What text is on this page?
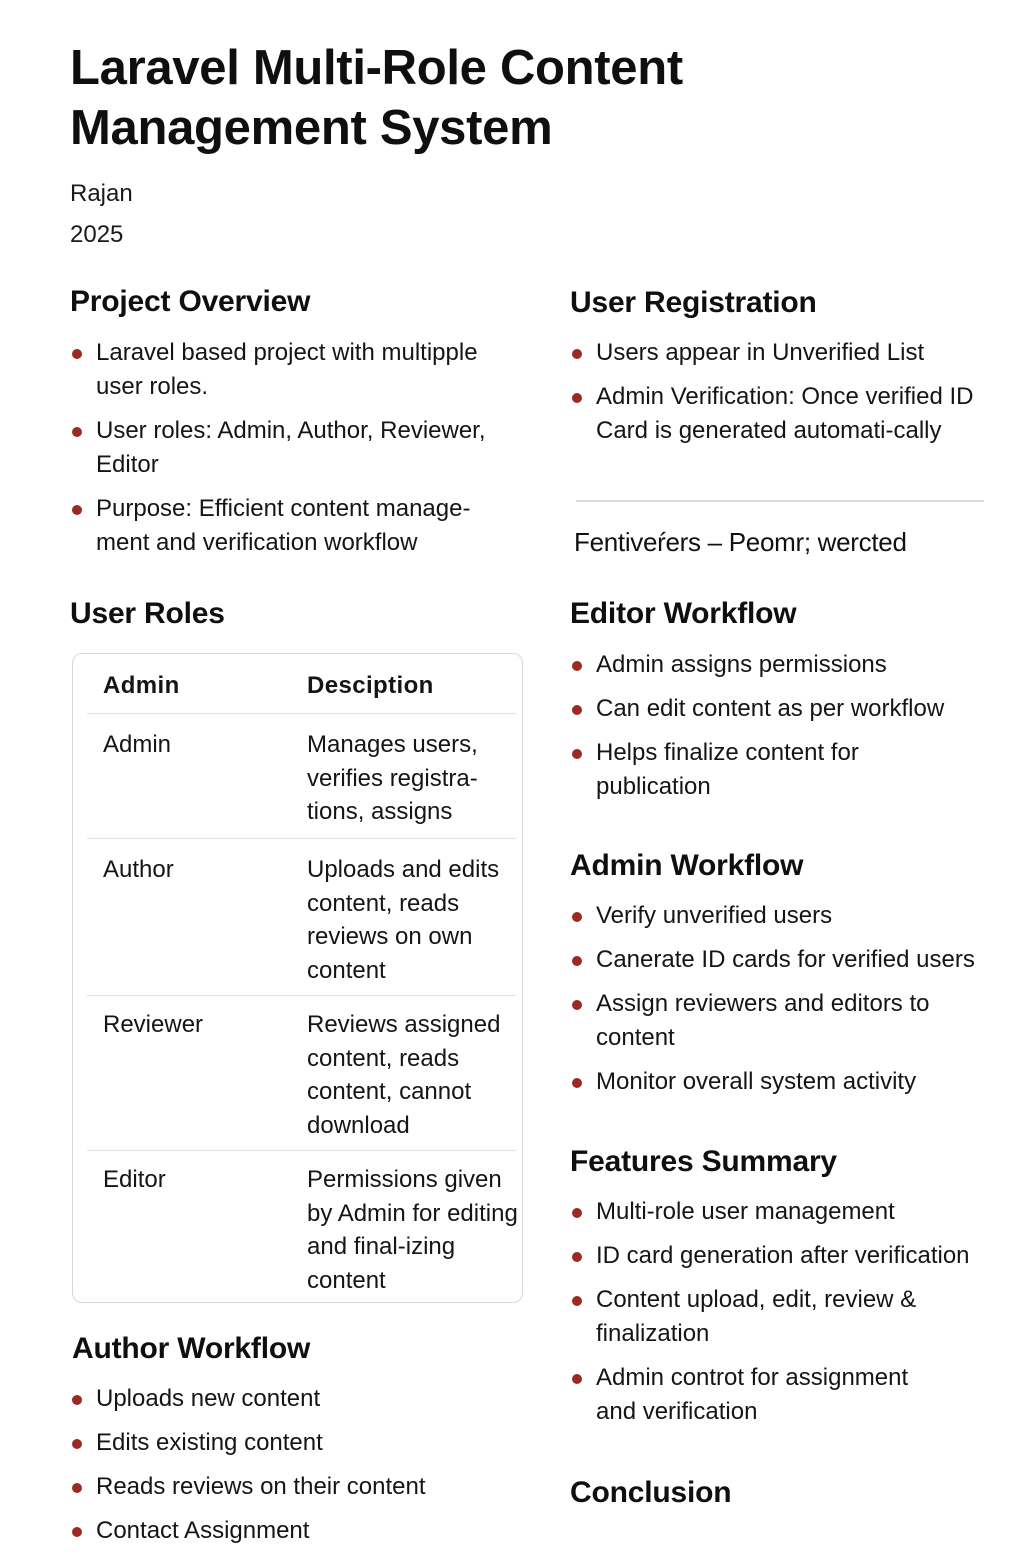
Laravel Multi-Role Content
Management System
Rajan
2025
Project Overview
Laravel based project with multipple user roles.
User roles: Admin, Author, Reviewer, Editor
Purpose: Efficient content manage-ment and verification workflow
User Roles
Admin	Desciption
Admin	Manages users, verifies registra-tions, assigns
Author	Uploads and edits content, reads reviews on own content
Reviewer	Reviews assigned content, reads content, cannot download
Editor	Permissions given by Admin for editing and final-izing content
Author Workflow
Uploads new content
Edits existing content
Reads reviews on their content
Contact Assignment
User Registration
Users appear in Unverified List
Admin Verification: Once verified ID Card is generated automati-cally
Fentiveŕers – Peomr; wercted
Editor Workflow
Admin assigns permissions
Can edit content as per workflow
Helps finalize content for publication
Admin Workflow
Verify unverified users
Canerate ID cards for verified users
Assign reviewers and editors to content
Monitor overall system activity
Features Summary
Multi-role user management
ID card generation after verification
Content upload, edit, review & finalization
Admin controt for assignment and verification
Conclusion
